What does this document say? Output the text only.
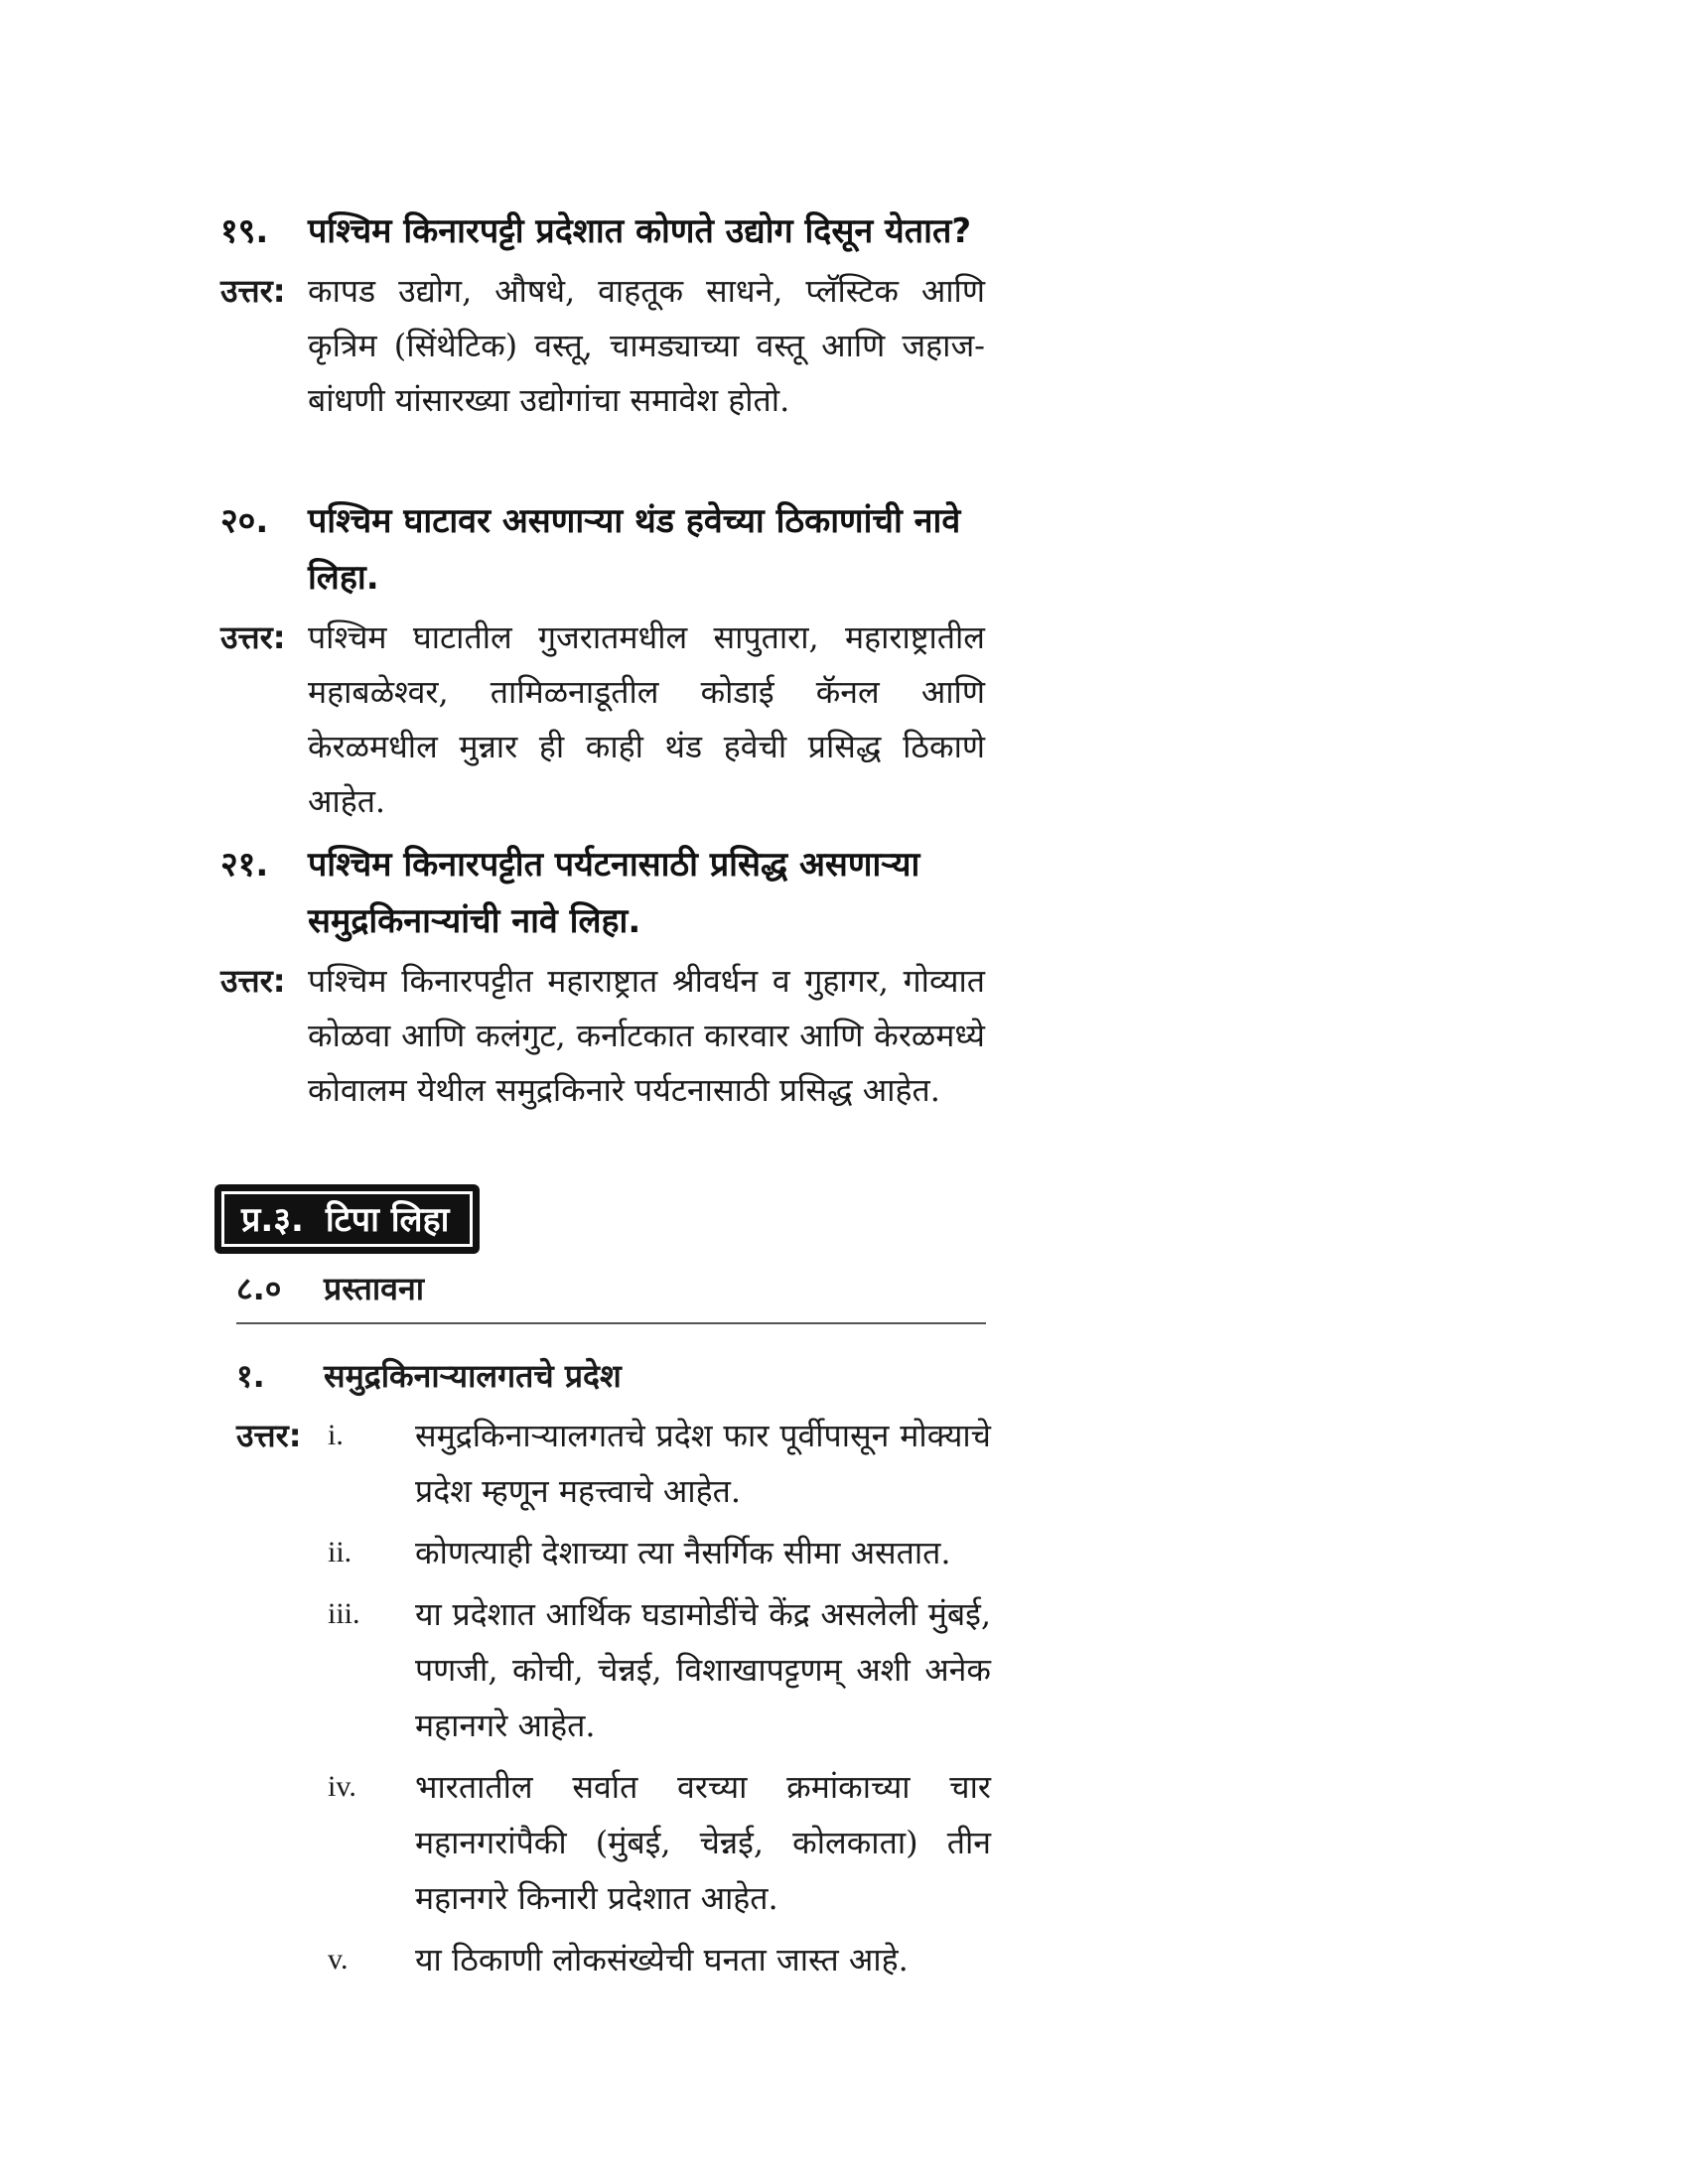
१९.	पश्चिम किनारपट्टी प्रदेशात कोणते उद्योग दिसून येतात?
उत्तर: कापड उद्योग, औषधे, वाहतूक साधने, प्लॅस्टिक आणि कृत्रिम (सिंथेटिक) वस्तू, चामड्याच्या वस्तू आणि जहाज-बांधणी यांसारख्या उद्योगांचा समावेश होतो.
२०.	पश्चिम घाटावर असणाऱ्या थंड हवेच्या ठिकाणांची नावे लिहा.
उत्तर: पश्चिम घाटातील गुजरातमधील सापुतारा, महाराष्ट्रातील महाबळेश्वर, तामिळनाडूतील कोडाई कॅनल आणि केरळमधील मुन्नार ही काही थंड हवेची प्रसिद्ध ठिकाणे आहेत.
२१.	पश्चिम किनारपट्टीत पर्यटनासाठी प्रसिद्ध असणाऱ्या समुद्रकिनाऱ्यांची नावे लिहा.
उत्तर: पश्चिम किनारपट्टीत महाराष्ट्रात श्रीवर्धन व गुहागर, गोव्यात कोळवा आणि कलंगुट, कर्नाटकात कारवार आणि केरळमध्ये कोवालम येथील समुद्रकिनारे पर्यटनासाठी प्रसिद्ध आहेत.
प्र.३. टिपा लिहा
८.० प्रस्तावना
१. समुद्रकिनाऱ्यालगतचे प्रदेश
उत्तर: i.	समुद्रकिनाऱ्यालगतचे प्रदेश फार पूर्वीपासून मोक्याचे प्रदेश म्हणून महत्त्वाचे आहेत.
ii.	कोणत्याही देशाच्या त्या नैसर्गिक सीमा असतात.
iii.	या प्रदेशात आर्थिक घडामोडींचे केंद्र असलेली मुंबई, पणजी, कोची, चेन्नई, विशाखापट्टणम् अशी अनेक महानगरे आहेत.
iv.	भारतातील सर्वात वरच्या क्रमांकाच्या चार महानगरांपैकी (मुंबई, चेन्नई, कोलकाता) तीन महानगरे किनारी प्रदेशात आहेत.
v.	या ठिकाणी लोकसंख्येची घनता जास्त आहे.
